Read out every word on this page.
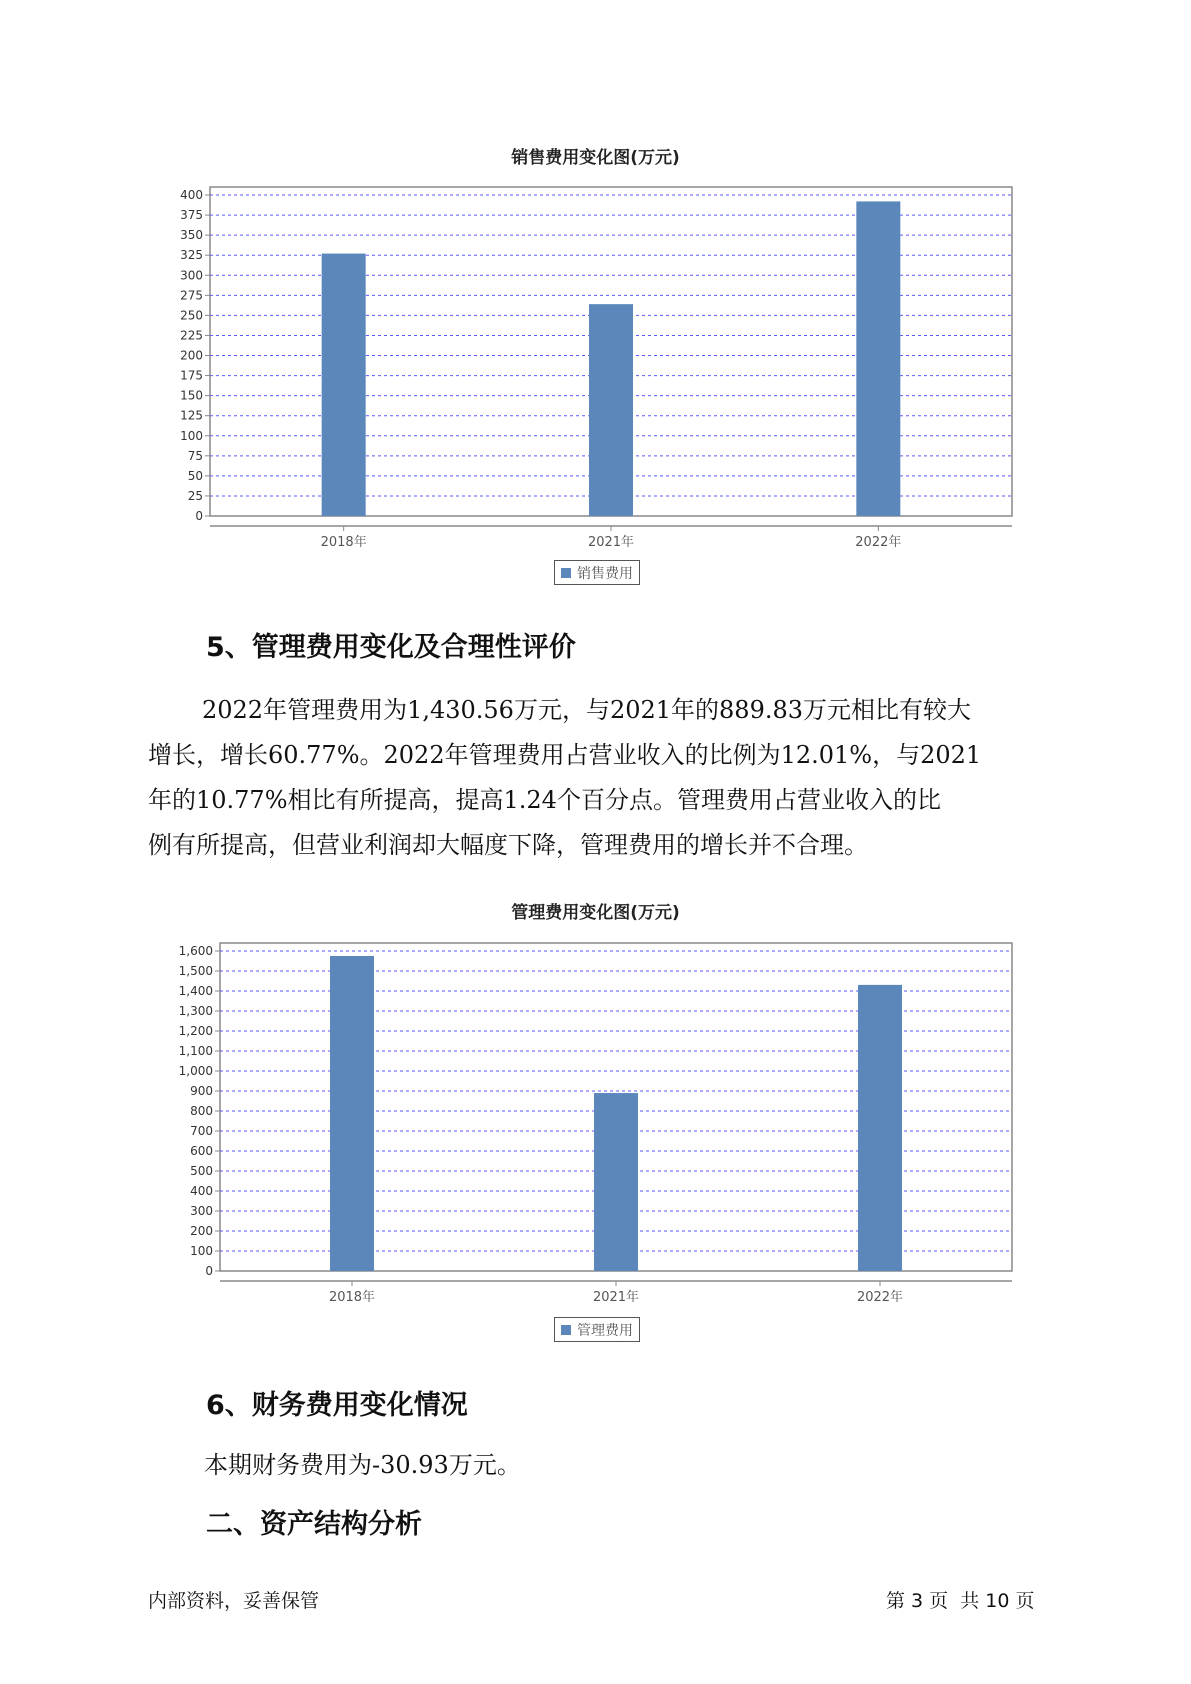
销售费用变化图(万元)
0
25
50
75
100
125
150
175
200
225
250
275
300
325
350
375
400
2018年	2021年	2022年
销售费用
5、管理费用变化及合理性评价

2022年管理费用为1,430.56万元，与2021年的889.83万元相比有较大
增长，增长60.77%。2022年管理费用占营业收入的比例为12.01%，与2021
年的10.77%相比有所提高，提高1.24个百分点。管理费用占营业收入的比
例有所提高，但营业利润却大幅度下降，管理费用的增长并不合理。

管理费用变化图(万元)
0
100
200
300
400
500
600
700
800
900
1,000
1,100
1,200
1,300
1,400
1,500
1,600
2018年	2021年	2022年
管理费用
6、财务费用变化情况

本期财务费用为-30.93万元。

二、资产结构分析
内部资料，妥善保管	第 3 页  共 10 页
